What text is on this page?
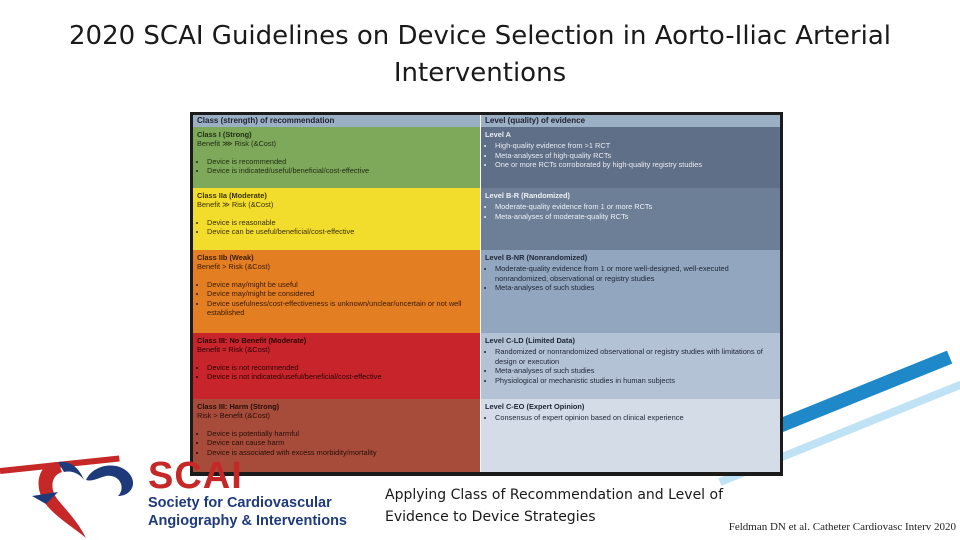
2020 SCAI Guidelines on Device Selection in Aorto-Iliac Arterial Interventions
Class (strength) of recommendation	Level (quality) of evidence
Class I (Strong)
Benefit ⋙ Risk (&Cost)
• Device is recommended
• Device is indicated/useful/beneficial/cost-effective
Level A
• High-quality evidence from >1 RCT
• Meta-analyses of high-quality RCTs
• One or more RCTs corroborated by high-quality registry studies
Class IIa (Moderate)
Benefit ≫ Risk (&Cost)
• Device is reasonable
• Device can be useful/beneficial/cost-effective
Level B-R (Randomized)
• Moderate-quality evidence from 1 or more RCTs
• Meta-analyses of moderate-quality RCTs
Class IIb (Weak)
Benefit > Risk (&Cost)
• Device may/might be useful
• Device may/might be considered
• Device usefulness/cost-effectiveness is unknown/unclear/uncertain or not well established
Level B-NR (Nonrandomized)
• Moderate-quality evidence from 1 or more well-designed, well-executed nonrandomized, observational or registry studies
• Meta-analyses of such studies
Class III: No Benefit (Moderate)
Benefit = Risk (&Cost)
• Device is not recommended
• Device is not indicated/useful/beneficial/cost-effective
Level C-LD (Limited Data)
• Randomized or nonrandomized observational or registry studies with limitations of design or execution
• Meta-analyses of such studies
• Physiological or mechanistic studies in human subjects
Class III: Harm (Strong)
Risk > Benefit (&Cost)
• Device is potentially harmful
• Device can cause harm
• Device is associated with excess morbidity/mortality
Level C-EO (Expert Opinion)
• Consensus of expert opinion based on clinical experience
SCAI
Society for Cardiovascular
Angiography & Interventions
Applying Class of Recommendation and Level of Evidence to Device Strategies
Feldman DN et al. Catheter Cardiovasc Interv 2020
